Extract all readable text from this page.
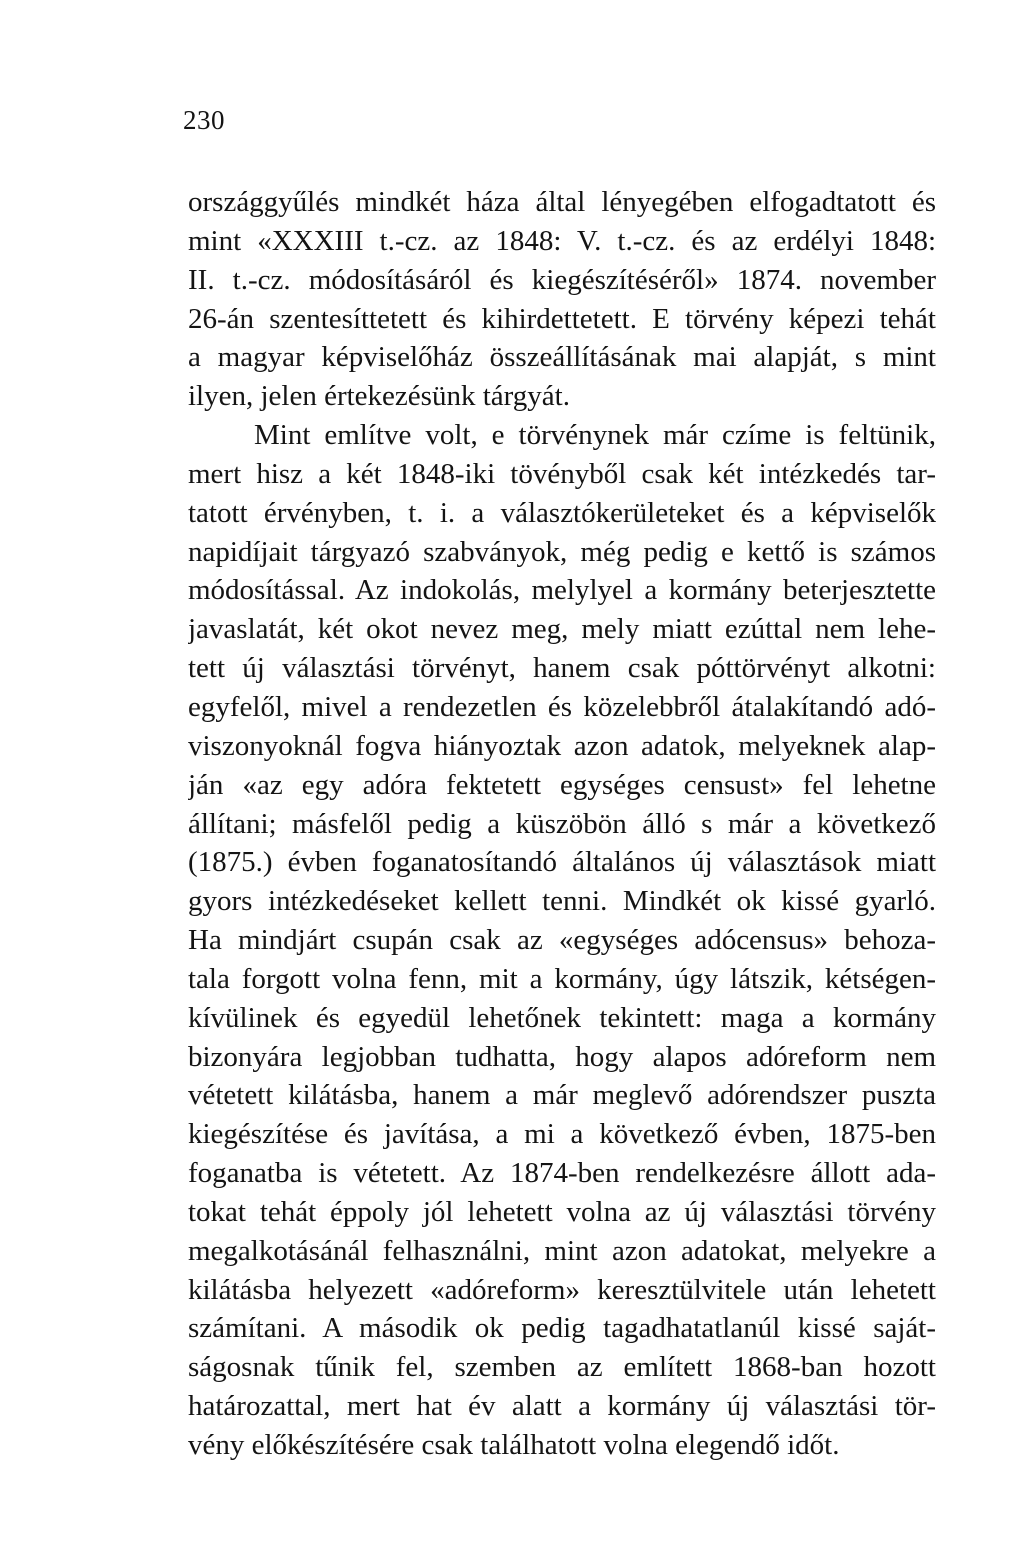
230
országgyűlés mindkét háza által lényegében elfogadtatott és
mint «XXXIII t.-cz. az 1848: V. t.-cz. és az erdélyi 1848:
II. t.-cz. módosításáról és kiegészítéséről» 1874. november
26-án szentesíttetett és kihirdettetett. E törvény képezi tehát
a magyar képviselőház összeállításának mai alapját, s mint
ilyen, jelen értekezésünk tárgyát.
Mint említve volt, e törvénynek már czíme is feltünik,
mert hisz a két 1848-iki tövényből csak két intézkedés tar-
tatott érvényben, t. i. a választókerületeket és a képviselők
napidíjait tárgyazó szabványok, még pedig e kettő is számos
módosítással. Az indokolás, melylyel a kormány beterjesztette
javaslatát, két okot nevez meg, mely miatt ezúttal nem lehe-
tett új választási törvényt, hanem csak póttörvényt alkotni:
egyfelől, mivel a rendezetlen és közelebbről átalakítandó adó-
viszonyoknál fogva hiányoztak azon adatok, melyeknek alap-
ján «az egy adóra fektetett egységes censust» fel lehetne
állítani; másfelől pedig a küszöbön álló s már a következő
(1875.) évben foganatosítandó általános új választások miatt
gyors intézkedéseket kellett tenni. Mindkét ok kissé gyarló.
Ha mindjárt csupán csak az «egységes adócensus» behoza-
tala forgott volna fenn, mit a kormány, úgy látszik, kétségen-
kívülinek és egyedül lehetőnek tekintett: maga a kormány
bizonyára legjobban tudhatta, hogy alapos adóreform nem
vétetett kilátásba, hanem a már meglevő adórendszer puszta
kiegészítése és javítása, a mi a következő évben, 1875-ben
foganatba is vétetett. Az 1874-ben rendelkezésre állott ada-
tokat tehát éppoly jól lehetett volna az új választási törvény
megalkotásánál felhasználni, mint azon adatokat, melyekre a
kilátásba helyezett «adóreform» keresztülvitele után lehetett
számítani. A második ok pedig tagadhatatlanúl kissé saját-
ságosnak tűnik fel, szemben az említett 1868-ban hozott
határozattal, mert hat év alatt a kormány új választási tör-
vény előkészítésére csak találhatott volna elegendő időt.
